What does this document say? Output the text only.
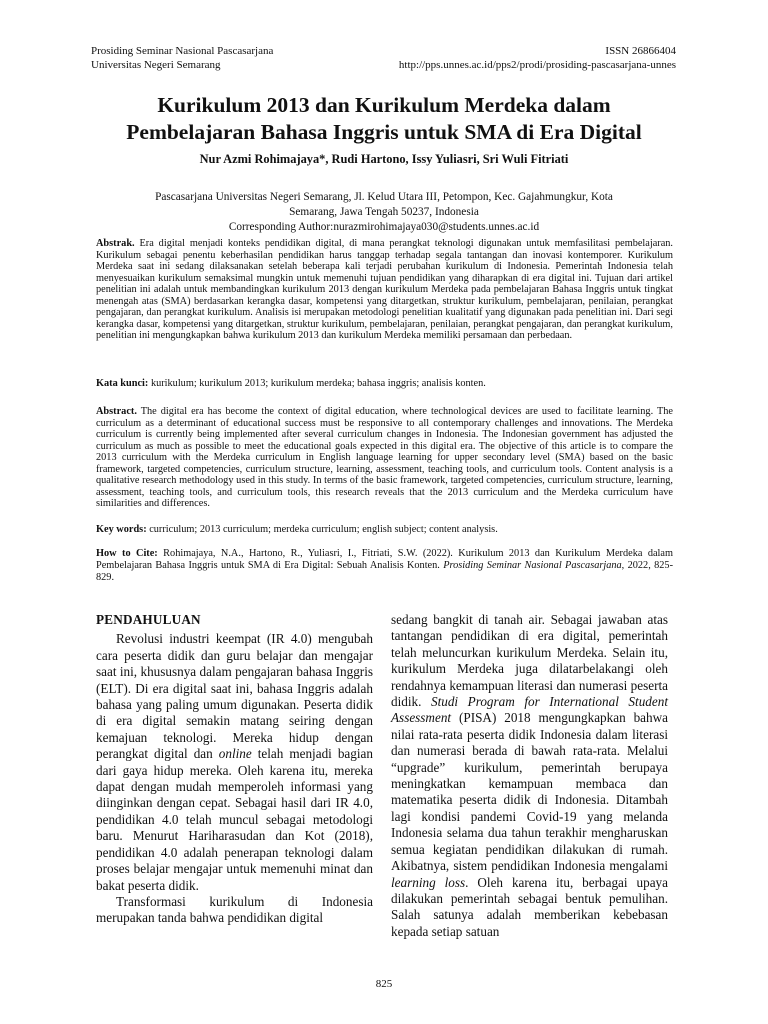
Prosiding Seminar Nasional Pascasarjana
Universitas Negeri Semarang
ISSN 26866404
http://pps.unnes.ac.id/pps2/prodi/prosiding-pascasarjana-unnes
Kurikulum 2013 dan Kurikulum Merdeka dalam
Pembelajaran Bahasa Inggris untuk SMA di Era Digital
Nur Azmi Rohimajaya*, Rudi Hartono, Issy Yuliasri, Sri Wuli Fitriati
Pascasarjana Universitas Negeri Semarang, Jl. Kelud Utara III, Petompon, Kec. Gajahmungkur, Kota
Semarang, Jawa Tengah 50237, Indonesia
Corresponding Author:nurazmirohimajaya030@students.unnes.ac.id
Abstrak. Era digital menjadi konteks pendidikan digital, di mana perangkat teknologi digunakan untuk memfasilitasi pembelajaran. Kurikulum sebagai penentu keberhasilan pendidikan harus tanggap terhadap segala tantangan dan inovasi kontemporer. Kurikulum Merdeka saat ini sedang dilaksanakan setelah beberapa kali terjadi perubahan kurikulum di Indonesia. Pemerintah Indonesia telah menyesuaikan kurikulum semaksimal mungkin untuk memenuhi tujuan pendidikan yang diharapkan di era digital ini. Tujuan dari artikel penelitian ini adalah untuk membandingkan kurikulum 2013 dengan kurikulum Merdeka pada pembelajaran Bahasa Inggris untuk tingkat menengah atas (SMA) berdasarkan kerangka dasar, kompetensi yang ditargetkan, struktur kurikulum, pembelajaran, penilaian, perangkat pengajaran, dan perangkat kurikulum. Analisis isi merupakan metodologi penelitian kualitatif yang digunakan pada penelitian ini. Dari segi kerangka dasar, kompetensi yang ditargetkan, struktur kurikulum, pembelajaran, penilaian, perangkat pengajaran, dan perangkat kurikulum, penelitian ini mengungkapkan bahwa kurikulum 2013 dan kurikulum Merdeka memiliki persamaan dan perbedaan.
Kata kunci: kurikulum; kurikulum 2013; kurikulum merdeka; bahasa inggris; analisis konten.
Abstract. The digital era has become the context of digital education, where technological devices are used to facilitate learning. The curriculum as a determinant of educational success must be responsive to all contemporary challenges and innovations. The Merdeka curriculum is currently being implemented after several curriculum changes in Indonesia. The Indonesian government has adjusted the curriculum as much as possible to meet the educational goals expected in this digital era. The objective of this article is to compare the 2013 curriculum with the Merdeka curriculum in English language learning for upper secondary level (SMA) based on the basic framework, targeted competencies, curriculum structure, learning, assessment, teaching tools, and curriculum tools. Content analysis is a qualitative research methodology used in this study. In terms of the basic framework, targeted competencies, curriculum structure, learning, assessment, teaching tools, and curriculum tools, this research reveals that the 2013 curriculum and the Merdeka curriculum have similarities and differences.
Key words: curriculum; 2013 curriculum; merdeka curriculum; english subject; content analysis.
How to Cite: Rohimajaya, N.A., Hartono, R., Yuliasri, I., Fitriati, S.W. (2022). Kurikulum 2013 dan Kurikulum Merdeka dalam Pembelajaran Bahasa Inggris untuk SMA di Era Digital: Sebuah Analisis Konten. Prosiding Seminar Nasional Pascasarjana, 2022, 825-829.
PENDAHULUAN

Revolusi industri keempat (IR 4.0) mengubah cara peserta didik dan guru belajar dan mengajar saat ini, khususnya dalam pengajaran bahasa Inggris (ELT). Di era digital saat ini, bahasa Inggris adalah bahasa yang paling umum digunakan. Peserta didik di era digital semakin matang seiring dengan kemajuan teknologi. Mereka hidup dengan perangkat digital dan online telah menjadi bagian dari gaya hidup mereka. Oleh karena itu, mereka dapat dengan mudah memperoleh informasi yang diinginkan dengan cepat. Sebagai hasil dari IR 4.0, pendidikan 4.0 telah muncul sebagai metodologi baru. Menurut Hariharasudan dan Kot (2018), pendidikan 4.0 adalah penerapan teknologi dalam proses belajar mengajar untuk memenuhi minat dan bakat peserta didik.

Transformasi kurikulum di Indonesia merupakan tanda bahwa pendidikan digital

sedang bangkit di tanah air. Sebagai jawaban atas tantangan pendidikan di era digital, pemerintah telah meluncurkan kurikulum Merdeka. Selain itu, kurikulum Merdeka juga dilatarbelakangi oleh rendahnya kemampuan literasi dan numerasi peserta didik. Studi Program for International Student Assessment (PISA) 2018 mengungkapkan bahwa nilai rata-rata peserta didik Indonesia dalam literasi dan numerasi berada di bawah rata-rata. Melalui “upgrade” kurikulum, pemerintah berupaya meningkatkan kemampuan membaca dan matematika peserta didik di Indonesia. Ditambah lagi kondisi pandemi Covid-19 yang melanda Indonesia selama dua tahun terakhir mengharuskan semua kegiatan pendidikan dilakukan di rumah. Akibatnya, sistem pendidikan Indonesia mengalami learning loss. Oleh karena itu, berbagai upaya dilakukan pemerintah sebagai bentuk pemulihan. Salah satunya adalah memberikan kebebasan kepada setiap satuan

825
